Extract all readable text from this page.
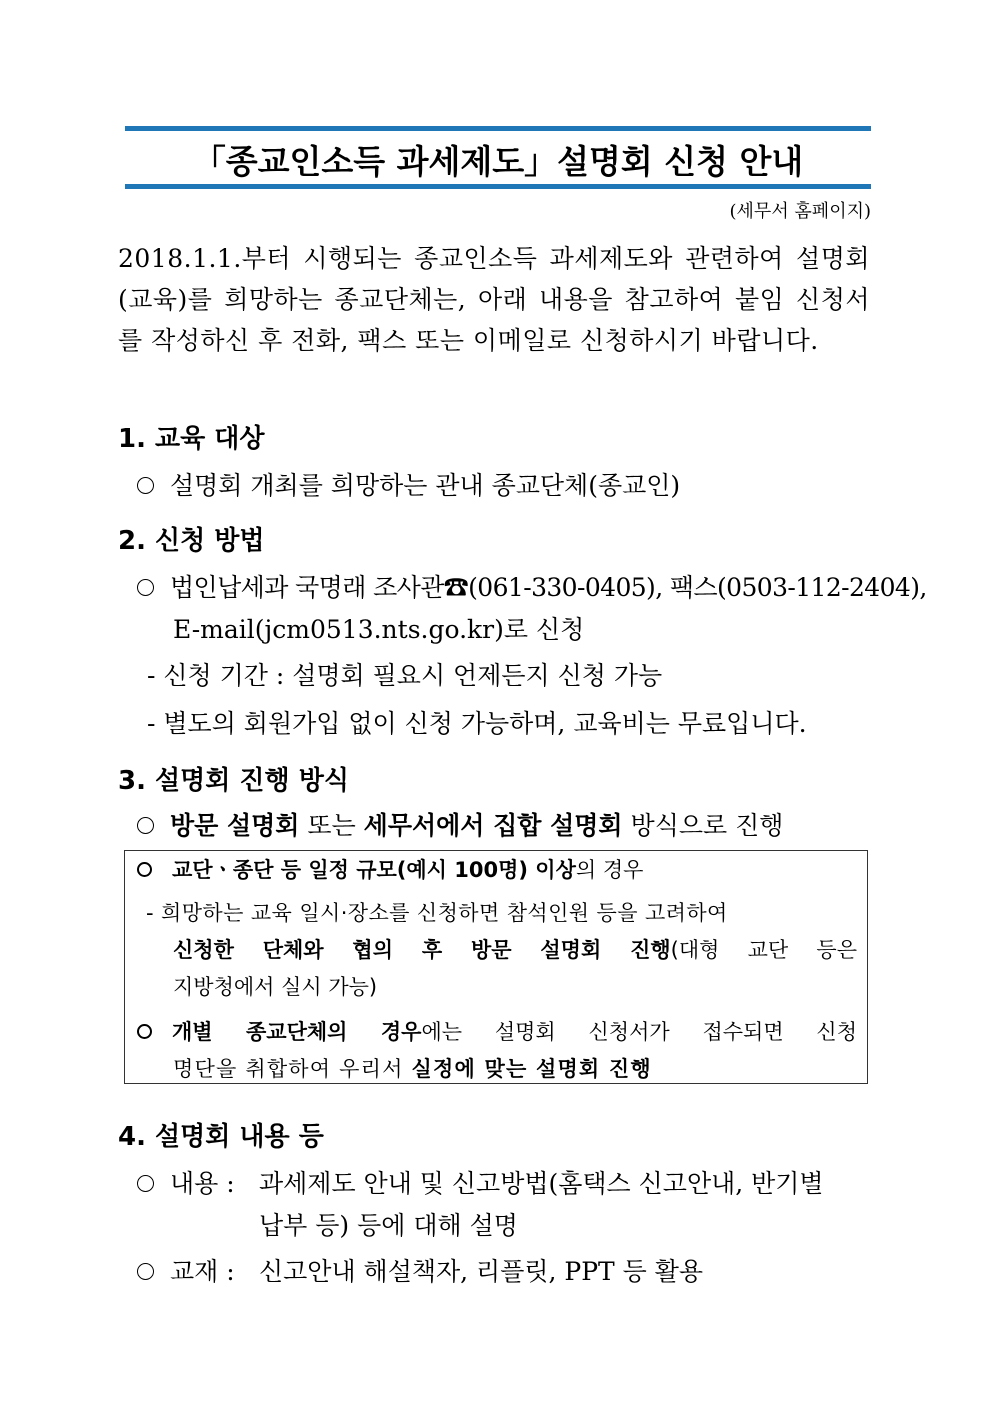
「종교인소득 과세제도」설명회 신청 안내
(세무서 홈페이지)
2018.1.1.부터 시행되는 종교인소득 과세제도와 관련하여 설명회 (교육)를 희망하는 종교단체는, 아래 내용을 참고하여 붙임 신청서를 작성하신 후 전화, 팩스 또는 이메일로 신청하시기 바랍니다.
1. 교육 대상
설명회 개최를 희망하는 관내 종교단체(종교인)
2. 신청 방법
법인납세과 국명래 조사관☎(061-330-0405), 팩스(0503-112-2404),
E-mail(jcm0513.nts.go.kr)로 신청
- 신청 기간 : 설명회 필요시 언제든지 신청 가능
- 별도의 회원가입 없이 신청 가능하며, 교육비는 무료입니다.
3. 설명회 진행 방식
방문 설명회 또는 세무서에서 집합 설명회 방식으로 진행
교단ㆍ종단 등 일정 규모(예시 100명) 이상의 경우
- 희망하는 교육 일시·장소를 신청하면 참석인원 등을 고려하여
신청한 단체와 협의 후 방문 설명회 진행(대형 교단 등은
지방청에서 실시 가능)
개별 종교단체의 경우에는 설명회 신청서가 접수되면 신청
명단을 취합하여 우리서 실정에 맞는 설명회 진행
4. 설명회 내용 등
내용 : 과세제도 안내 및 신고방법(홈택스 신고안내, 반기별
납부 등) 등에 대해 설명
교재 : 신고안내 해설책자, 리플릿, PPT 등 활용
